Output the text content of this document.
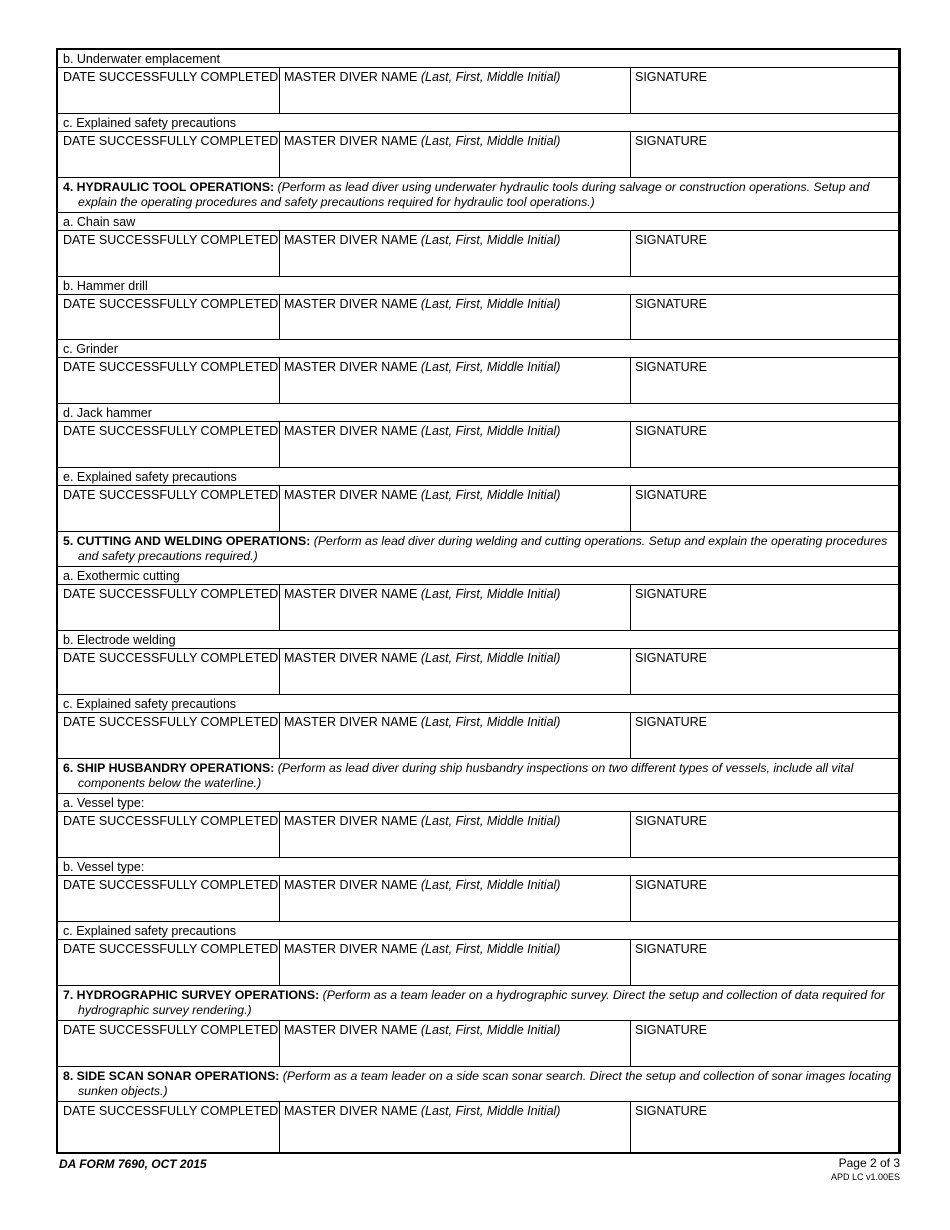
b. Underwater emplacement
DATE SUCCESSFULLY COMPLETED MASTER DIVER NAME (Last, First, Middle Initial)	SIGNATURE
c. Explained safety precautions
DATE SUCCESSFULLY COMPLETED MASTER DIVER NAME (Last, First, Middle Initial)	SIGNATURE
4. HYDRAULIC TOOL OPERATIONS: (Perform as lead diver using underwater hydraulic tools during salvage or construction operations. Setup and explain the operating procedures and safety precautions required for hydraulic tool operations.)
a. Chain saw
DATE SUCCESSFULLY COMPLETED MASTER DIVER NAME (Last, First, Middle Initial)	SIGNATURE
b. Hammer drill
DATE SUCCESSFULLY COMPLETED MASTER DIVER NAME (Last, First, Middle Initial)	SIGNATURE
c. Grinder
DATE SUCCESSFULLY COMPLETED MASTER DIVER NAME (Last, First, Middle Initial)	SIGNATURE
d. Jack hammer
DATE SUCCESSFULLY COMPLETED MASTER DIVER NAME (Last, First, Middle Initial)	SIGNATURE
e. Explained safety precautions
DATE SUCCESSFULLY COMPLETED MASTER DIVER NAME (Last, First, Middle Initial)	SIGNATURE
5. CUTTING AND WELDING OPERATIONS: (Perform as lead diver during welding and cutting operations. Setup and explain the operating procedures and safety precautions required.)
a. Exothermic cutting
DATE SUCCESSFULLY COMPLETED MASTER DIVER NAME (Last, First, Middle Initial)	SIGNATURE
b. Electrode welding
DATE SUCCESSFULLY COMPLETED MASTER DIVER NAME (Last, First, Middle Initial)	SIGNATURE
c. Explained safety precautions
DATE SUCCESSFULLY COMPLETED MASTER DIVER NAME (Last, First, Middle Initial)	SIGNATURE
6. SHIP HUSBANDRY OPERATIONS: (Perform as lead diver during ship husbandry inspections on two different types of vessels, include all vital components below the waterline.)
a. Vessel type:
DATE SUCCESSFULLY COMPLETED MASTER DIVER NAME (Last, First, Middle Initial)	SIGNATURE
b. Vessel type:
DATE SUCCESSFULLY COMPLETED MASTER DIVER NAME (Last, First, Middle Initial)	SIGNATURE
c. Explained safety precautions
DATE SUCCESSFULLY COMPLETED MASTER DIVER NAME (Last, First, Middle Initial)	SIGNATURE
7. HYDROGRAPHIC SURVEY OPERATIONS: (Perform as a team leader on a hydrographic survey. Direct the setup and collection of data required for hydrographic survey rendering.)
DATE SUCCESSFULLY COMPLETED MASTER DIVER NAME (Last, First, Middle Initial)	SIGNATURE
8. SIDE SCAN SONAR OPERATIONS: (Perform as a team leader on a side scan sonar search. Direct the setup and collection of sonar images locating sunken objects.)
DATE SUCCESSFULLY COMPLETED MASTER DIVER NAME (Last, First, Middle Initial)	SIGNATURE
DA FORM 7690, OCT 2015	Page 2 of 3
APD LC v1.00ES
